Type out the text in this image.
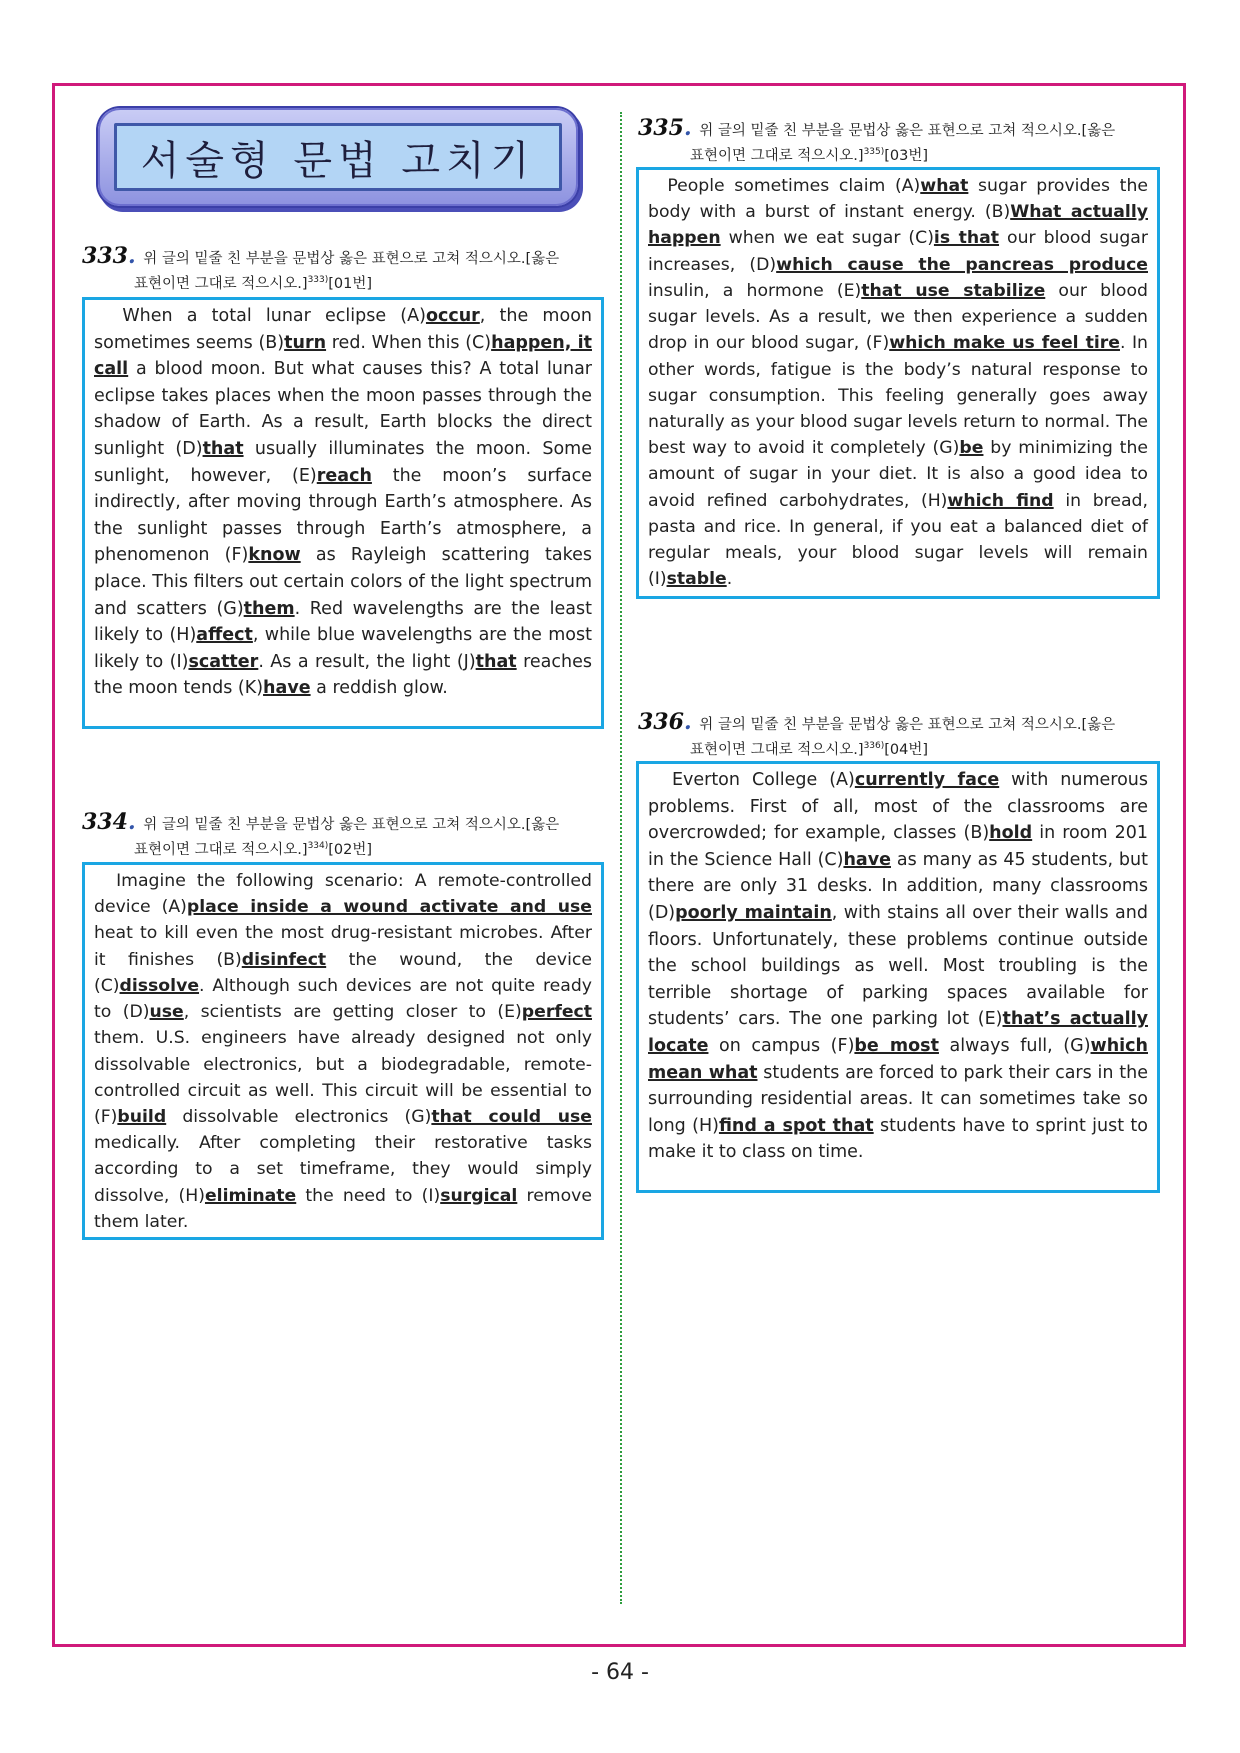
서술형 문법 고치기
333. 위 글의 밑줄 친 부분을 문법상 옳은 표현으로 고쳐 적으시오.[옳은
표현이면 그대로 적으시오.]$^{333)}$[01번]
When a total lunar eclipse (A)occur, the moon sometimes seems (B)turn red. When this (C)happen, it call a blood moon. But what causes this? A total lunar eclipse takes places when the moon passes through the shadow of Earth. As a result, Earth blocks the direct sunlight (D)that usually illuminates the moon. Some sunlight, however, (E)reach the moon’s surface indirectly, after moving through Earth’s atmosphere. As the sunlight passes through Earth’s atmosphere, a phenomenon (F)know as Rayleigh scattering takes place. This filters out certain colors of the light spectrum and scatters (G)them. Red wavelengths are the least likely to (H)affect, while blue wavelengths are the most likely to (I)scatter. As a result, the light (J)that reaches the moon tends (K)have a reddish glow.
334. 위 글의 밑줄 친 부분을 문법상 옳은 표현으로 고쳐 적으시오.[옳은
표현이면 그대로 적으시오.]$^{334)}$[02번]
Imagine the following scenario: A remote-controlled device (A)place inside a wound activate and use heat to kill even the most drug-resistant microbes. After it finishes (B)disinfect the wound, the device (C)dissolve. Although such devices are not quite ready to (D)use, scientists are getting closer to (E)perfect them. U.S. engineers have already designed not only dissolvable electronics, but a biodegradable, remote-controlled circuit as well. This circuit will be essential to (F)build dissolvable electronics (G)that could use medically. After completing their restorative tasks according to a set timeframe, they would simply dissolve, (H)eliminate the need to (I)surgical remove them later.
335. 위 글의 밑줄 친 부분을 문법상 옳은 표현으로 고쳐 적으시오.[옳은
표현이면 그대로 적으시오.]$^{335)}$[03번]
People sometimes claim (A)what sugar provides the body with a burst of instant energy. (B)What actually happen when we eat sugar (C)is that our blood sugar increases, (D)which cause the pancreas produce insulin, a hormone (E)that use stabilize our blood sugar levels. As a result, we then experience a sudden drop in our blood sugar, (F)which make us feel tire. In other words, fatigue is the body’s natural response to sugar consumption. This feeling generally goes away naturally as your blood sugar levels return to normal. The best way to avoid it completely (G)be by minimizing the amount of sugar in your diet. It is also a good idea to avoid refined carbohydrates, (H)which find in bread, pasta and rice. In general, if you eat a balanced diet of regular meals, your blood sugar levels will remain (I)stable.
336. 위 글의 밑줄 친 부분을 문법상 옳은 표현으로 고쳐 적으시오.[옳은
표현이면 그대로 적으시오.]$^{336)}$[04번]
Everton College (A)currently face with numerous problems. First of all, most of the classrooms are overcrowded; for example, classes (B)hold in room 201 in the Science Hall (C)have as many as 45 students, but there are only 31 desks. In addition, many classrooms (D)poorly maintain, with stains all over their walls and floors. Unfortunately, these problems continue outside the school buildings as well. Most troubling is the terrible shortage of parking spaces available for students’ cars. The one parking lot (E)that’s actually locate on campus (F)be most always full, (G)which mean what students are forced to park their cars in the surrounding residential areas. It can sometimes take so long (H)find a spot that students have to sprint just to make it to class on time.
- 64 -
